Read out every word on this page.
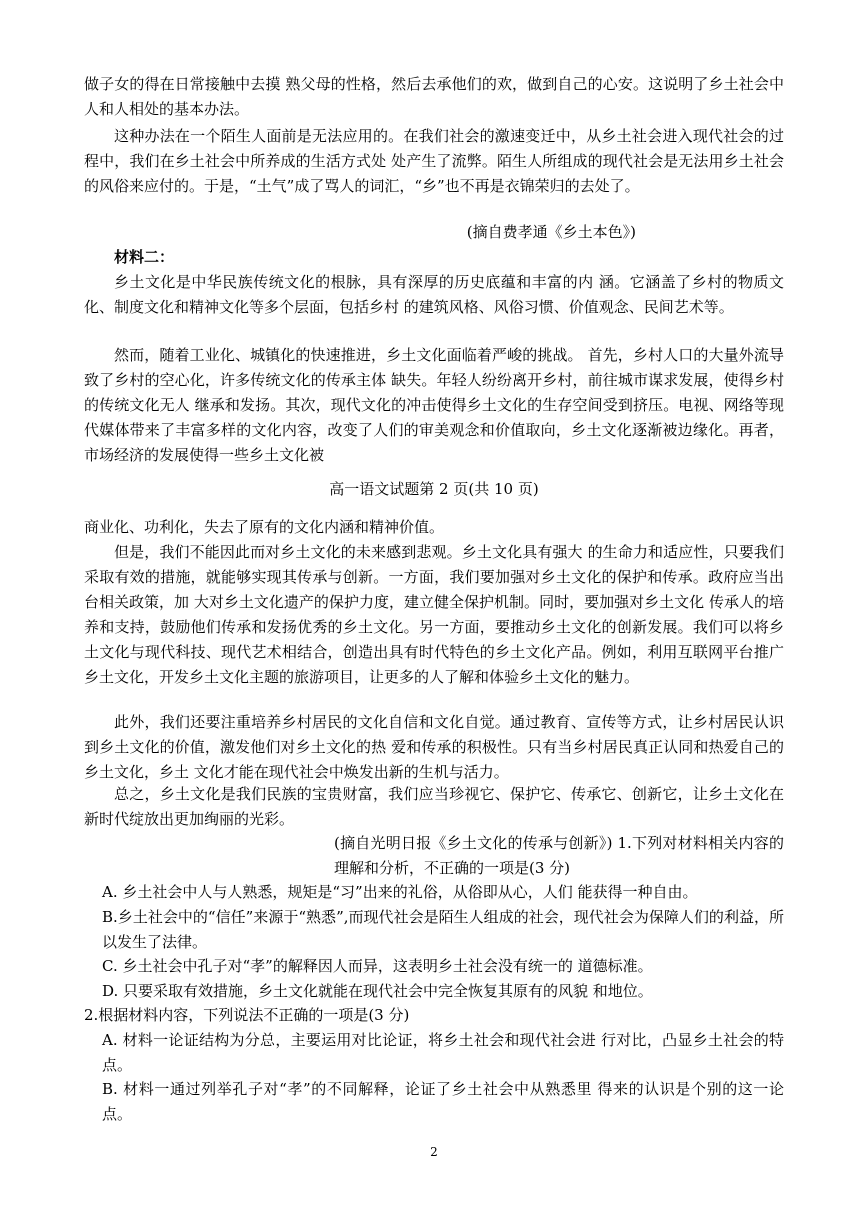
做子女的得在日常接触中去摸 熟父母的性格，然后去承他们的欢，做到自己的心安。这说明了乡土社会中 人和人相处的基本办法。

这种办法在一个陌生人面前是无法应用的。在我们社会的激速变迁中，从乡土社会进入现代社会的过程中，我们在乡土社会中所养成的生活方式处 处产生了流弊。陌生人所组成的现代社会是无法用乡土社会的风俗来应付的。于是，“土气”成了骂人的词汇，“乡”也不再是衣锦荣归的去处了。

(摘自费孝通《乡土本色》)

材料二：

乡土文化是中华民族传统文化的根脉，具有深厚的历史底蕴和丰富的内 涵。它涵盖了乡村的物质文化、制度文化和精神文化等多个层面，包括乡村 的建筑风格、风俗习惯、价值观念、民间艺术等。

然而，随着工业化、城镇化的快速推进，乡土文化面临着严峻的挑战。 首先，乡村人口的大量外流导致了乡村的空心化，许多传统文化的传承主体 缺失。年轻人纷纷离开乡村，前往城市谋求发展，使得乡村的传统文化无人 继承和发扬。其次，现代文化的冲击使得乡土文化的生存空间受到挤压。电视、网络等现代媒体带来了丰富多样的文化内容，改变了人们的审美观念和价值取向，乡土文化逐渐被边缘化。再者，市场经济的发展使得一些乡土文化被

高一语文试题第 2 页(共 10 页)

商业化、功利化，失去了原有的文化内涵和精神价值。

但是，我们不能因此而对乡土文化的未来感到悲观。乡土文化具有强大 的生命力和适应性，只要我们采取有效的措施，就能够实现其传承与创新。一方面，我们要加强对乡土文化的保护和传承。政府应当出台相关政策，加 大对乡土文化遗产的保护力度，建立健全保护机制。同时，要加强对乡土文化 传承人的培养和支持，鼓励他们传承和发扬优秀的乡土文化。另一方面，要推动乡土文化的创新发展。我们可以将乡土文化与现代科技、现代艺术相结合，创造出具有时代特色的乡土文化产品。例如，利用互联网平台推广乡土文化，开发乡土文化主题的旅游项目，让更多的人了解和体验乡土文化的魅力。

此外，我们还要注重培养乡村居民的文化自信和文化自觉。通过教育、宣传等方式，让乡村居民认识到乡土文化的价值，激发他们对乡土文化的热 爱和传承的积极性。只有当乡村居民真正认同和热爱自己的乡土文化，乡土 文化才能在现代社会中焕发出新的生机与活力。

总之，乡土文化是我们民族的宝贵财富，我们应当珍视它、保护它、传承它、创新它，让乡土文化在新时代绽放出更加绚丽的光彩。

(摘自光明日报《乡土文化的传承与创新》) 1.下列对材料相关内容的理解和分析，不正确的一项是(3 分)

A. 乡土社会中人与人熟悉，规矩是“习”出来的礼俗，从俗即从心，人们 能获得一种自由。

B.乡土社会中的“信任”来源于“熟悉”,而现代社会是陌生人组成的社会，现代社会为保障人们的利益，所以发生了法律。

C. 乡土社会中孔子对“孝”的解释因人而异，这表明乡土社会没有统一的 道德标准。

D. 只要采取有效措施，乡土文化就能在现代社会中完全恢复其原有的风貌 和地位。

2.根据材料内容，下列说法不正确的一项是(3 分)

A. 材料一论证结构为分总，主要运用对比论证，将乡土社会和现代社会进 行对比，凸显乡土社会的特点。

B. 材料一通过列举孔子对“孝”的不同解释，论证了乡土社会中从熟悉里 得来的认识是个别的这一论点。

2
